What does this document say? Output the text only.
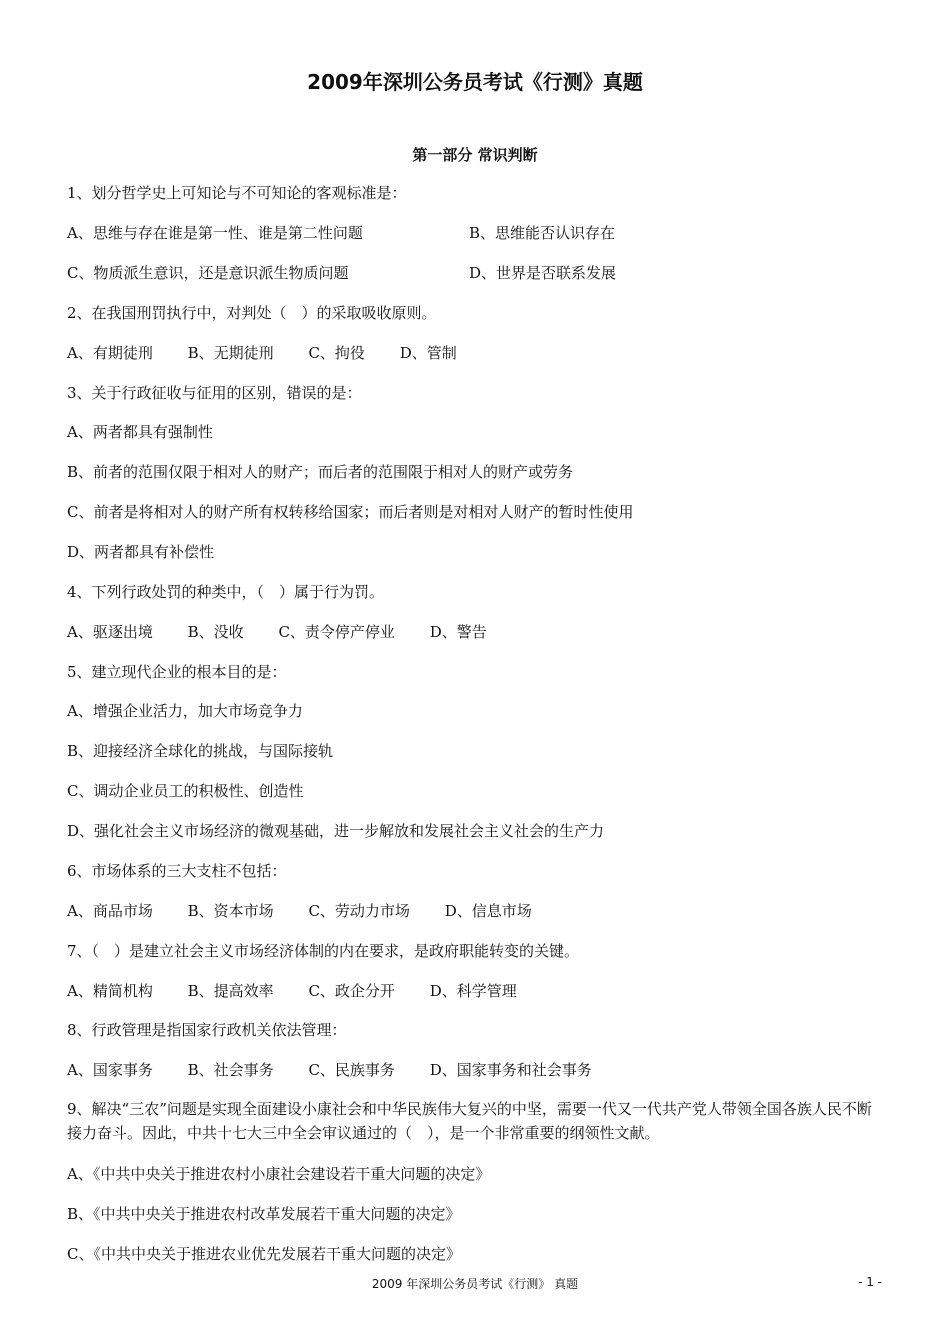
2009年深圳公务员考试《行测》真题
第一部分 常识判断
1、划分哲学史上可知论与不可知论的客观标准是：
A、思维与存在谁是第一性、谁是第二性问题	B、思维能否认识存在
C、物质派生意识，还是意识派生物质问题	D、世界是否联系发展
2、在我国刑罚执行中，对判处（　）的采取吸收原则。
A、有期徒刑 B、无期徒刑 C、拘役 D、管制
3、关于行政征收与征用的区别，错误的是：
A、两者都具有强制性
B、前者的范围仅限于相对人的财产；而后者的范围限于相对人的财产或劳务
C、前者是将相对人的财产所有权转移给国家；而后者则是对相对人财产的暂时性使用
D、两者都具有补偿性
4、下列行政处罚的种类中，（　）属于行为罚。
A、驱逐出境 B、没收 C、责令停产停业 D、警告
5、建立现代企业的根本目的是：
A、增强企业活力，加大市场竞争力
B、迎接经济全球化的挑战，与国际接轨
C、调动企业员工的积极性、创造性
D、强化社会主义市场经济的微观基础，进一步解放和发展社会主义社会的生产力
6、市场体系的三大支柱不包括：
A、商品市场 B、资本市场 C、劳动力市场 D、信息市场
7、（　）是建立社会主义市场经济体制的内在要求，是政府职能转变的关键。
A、精简机构 B、提高效率 C、政企分开 D、科学管理
8、行政管理是指国家行政机关依法管理：
A、国家事务 B、社会事务 C、民族事务 D、国家事务和社会事务
9、解决“三农”问题是实现全面建设小康社会和中华民族伟大复兴的中坚，需要一代又一代共产党人带领全国各族人民不断接力奋斗。因此，中共十七大三中全会审议通过的（　），是一个非常重要的纲领性文献。
A、《中共中央关于推进农村小康社会建设若干重大问题的决定》
B、《中共中央关于推进农村改革发展若干重大问题的决定》
C、《中共中央关于推进农业优先发展若干重大问题的决定》
2009 年深圳公务员考试《行测》 真题	- 1 -
